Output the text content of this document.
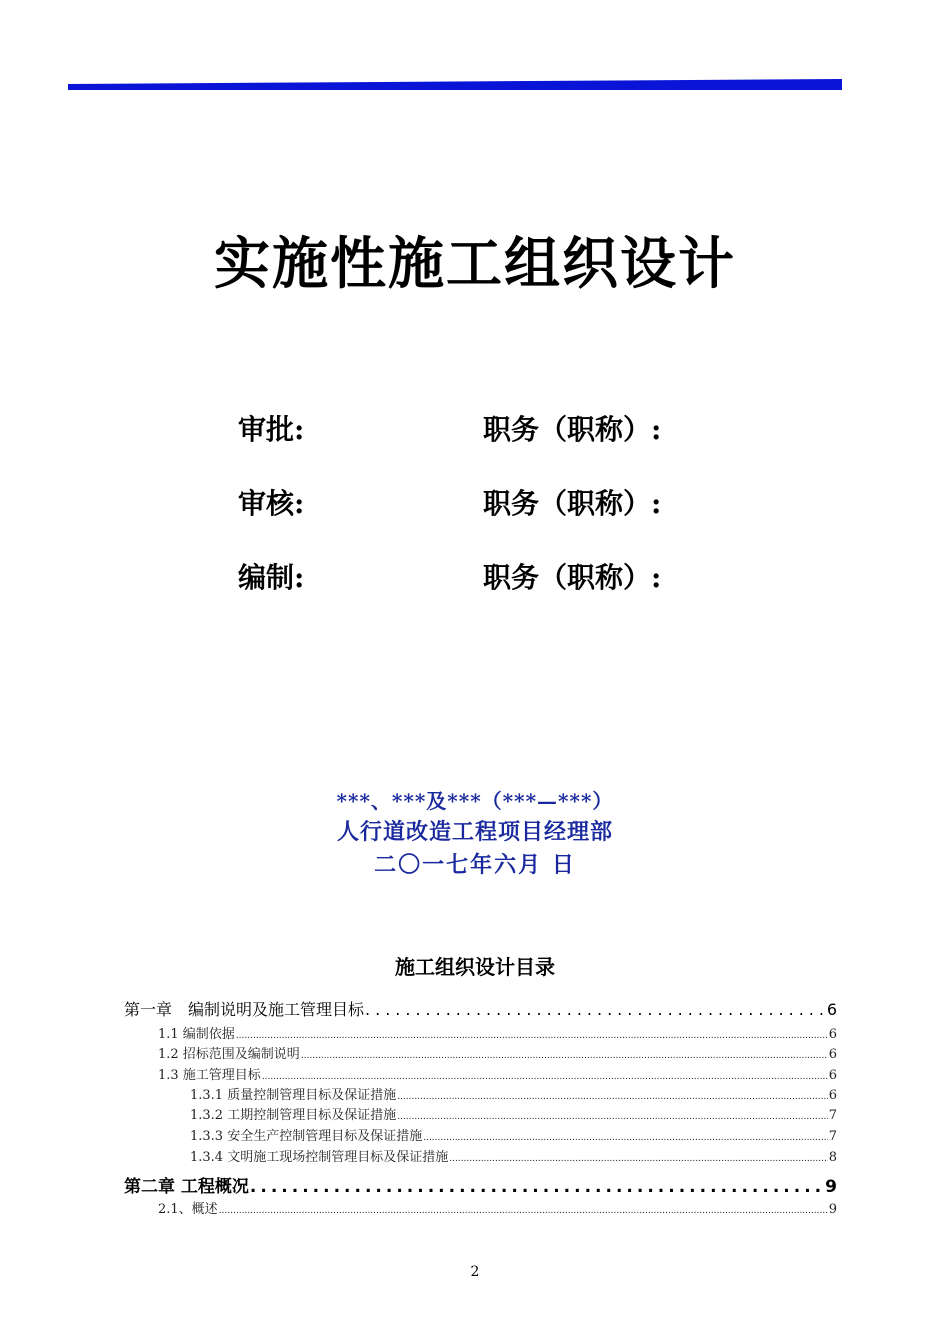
实施性施工组织设计
审批:	职务（职称）:
审核:	职务（职称）:
编制:	职务（职称）:
***、***及***（***—***）
人行道改造工程项目经理部
二〇一七年六月 日
施工组织设计目录
第一章　编制说明及施工管理目标 .....	6
1.1 编制依据 .....	6
1.2 招标范围及编制说明 .....	6
1.3 施工管理目标 .....	6
1.3.1 质量控制管理目标及保证措施 .....	6
1.3.2 工期控制管理目标及保证措施 .....	7
1.3.3 安全生产控制管理目标及保证措施 .....	7
1.3.4 文明施工现场控制管理目标及保证措施 .....	8
第二章 工程概况 .....	9
2.1、概述 .....	9
2
